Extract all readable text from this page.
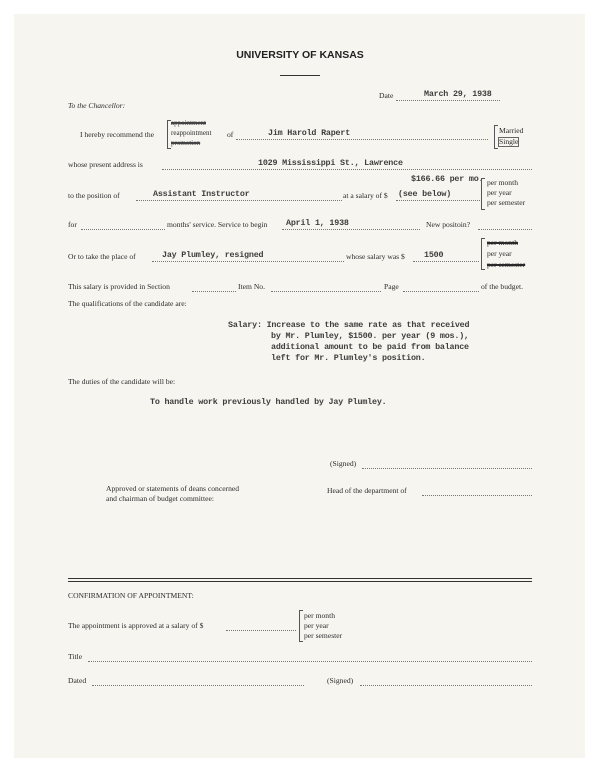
UNIVERSITY OF KANSAS
Date	March 29, 1938
To the Chancellor:
I hereby recommend the
appointment
reappointment
promotion
of	Jim Harold Rapert	Married
Single
whose present address is	1029 Mississippi St., Lawrence
$166.66 per mo.
to the position of	Assistant Instructor	at a salary of $ (see below)
per month
per year
per semester
for	months' service. Service to begin April 1, 1938	New positoin?
Or to take the place of	Jay Plumley, resigned	whose salary was $ 1500
per month
per year
per semester
This salary is provided in Section	Item No.	Page	of the budget.
The qualifications of the candidate are:
Salary: Increase to the same rate as that received
by Mr. Plumley, $1500. per year (9 mos.),
additional amount to be paid from balance
left for Mr. Plumley's position.
The duties of the candidate will be:
To handle work previously handled by Jay Plumley.
(Signed)
Approved or statements of deans concerned
and chairman of budget committee:
Head of the department of
CONFIRMATION OF APPOINTMENT:
The appointment is approved at a salary of $
per month
per year
per semester
Title
Dated	(Signed)
